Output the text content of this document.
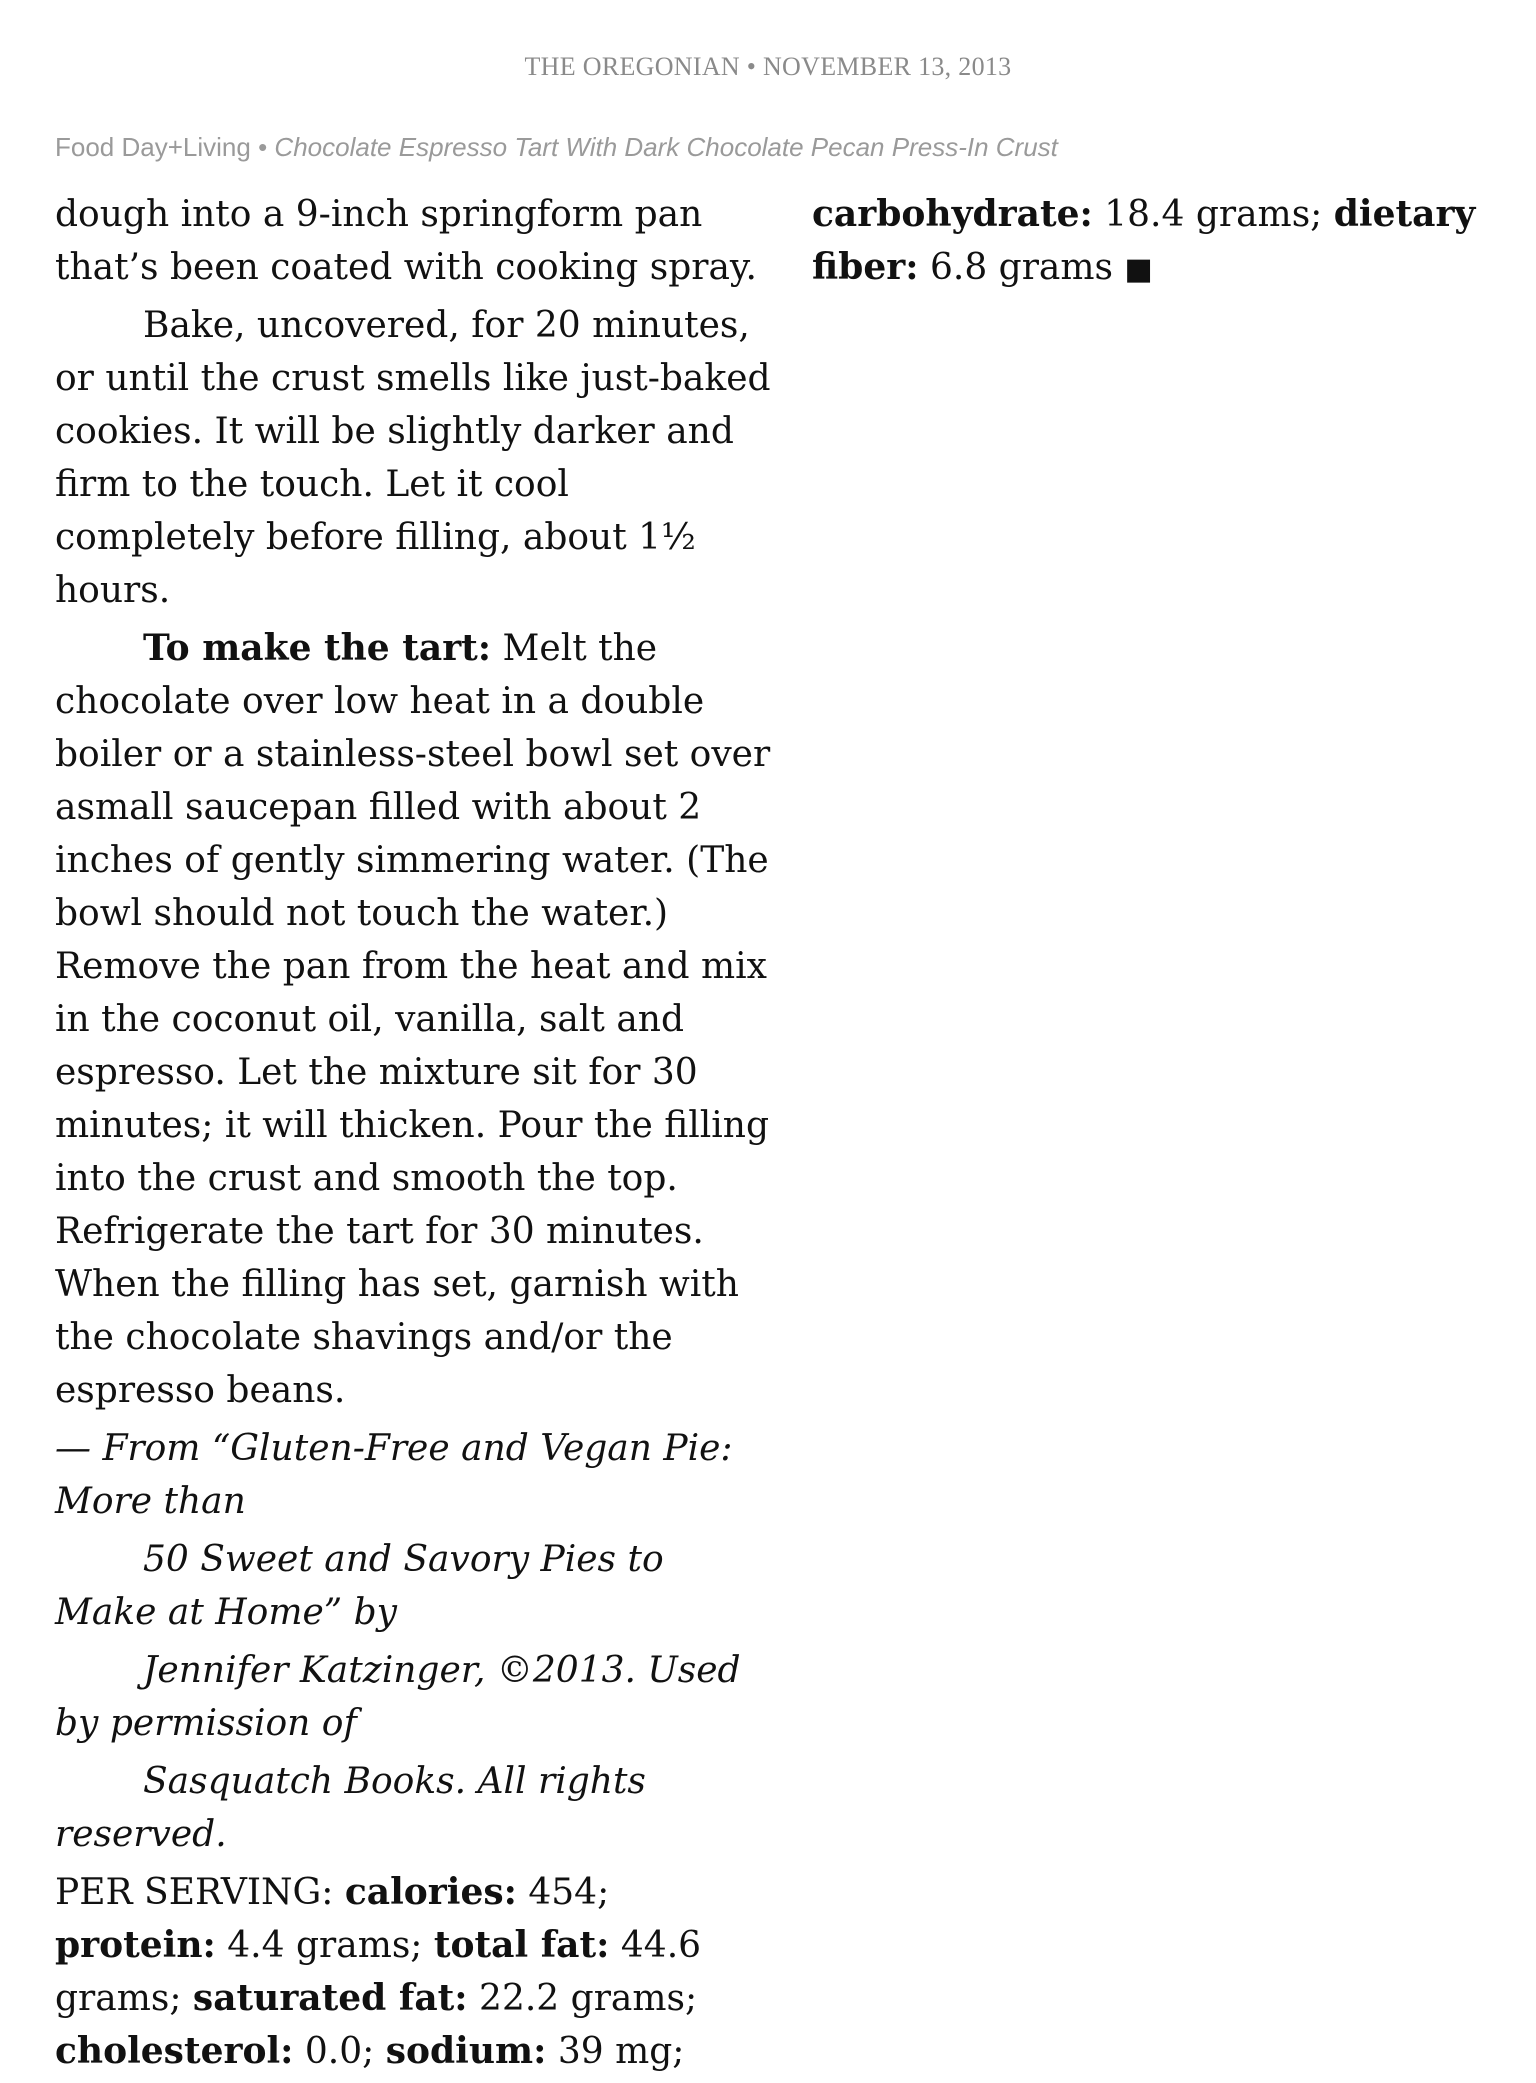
THE OREGONIAN • NOVEMBER 13, 2013
Food Day+Living • Chocolate Espresso Tart With Dark Chocolate Pecan Press-In Crust

dough into a 9-inch springform pan that’s been coated with cooking spray.

Bake, uncovered, for 20 minutes, or until the crust smells like just-baked cookies. It will be slightly darker and firm to the touch. Let it cool completely before filling, about 1½ hours.

To make the tart: Melt the chocolate over low heat in a double boiler or a stainless-steel bowl set over asmall saucepan filled with about 2 inches of gently simmering water. (The bowl should not touch the water.) Remove the pan from the heat and mix in the coconut oil, vanilla, salt and espresso. Let the mixture sit for 30 minutes; it will thicken. Pour the filling into the crust and smooth the top. Refrigerate the tart for 30 minutes. When the filling has set, garnish with the chocolate shavings and/or the espresso beans.

— From “Gluten-Free and Vegan Pie: More than

50 Sweet and Savory Pies to Make at Home” by

Jennifer Katzinger, ©2013. Used by permission of

Sasquatch Books. All rights reserved.

PER SERVING: calories: 454; protein: 4.4 grams; total fat: 44.6 grams; saturated fat: 22.2 grams; cholesterol: 0.0; sodium: 39 mg;

carbohydrate: 18.4 grams; dietary fiber: 6.8 grams ■
